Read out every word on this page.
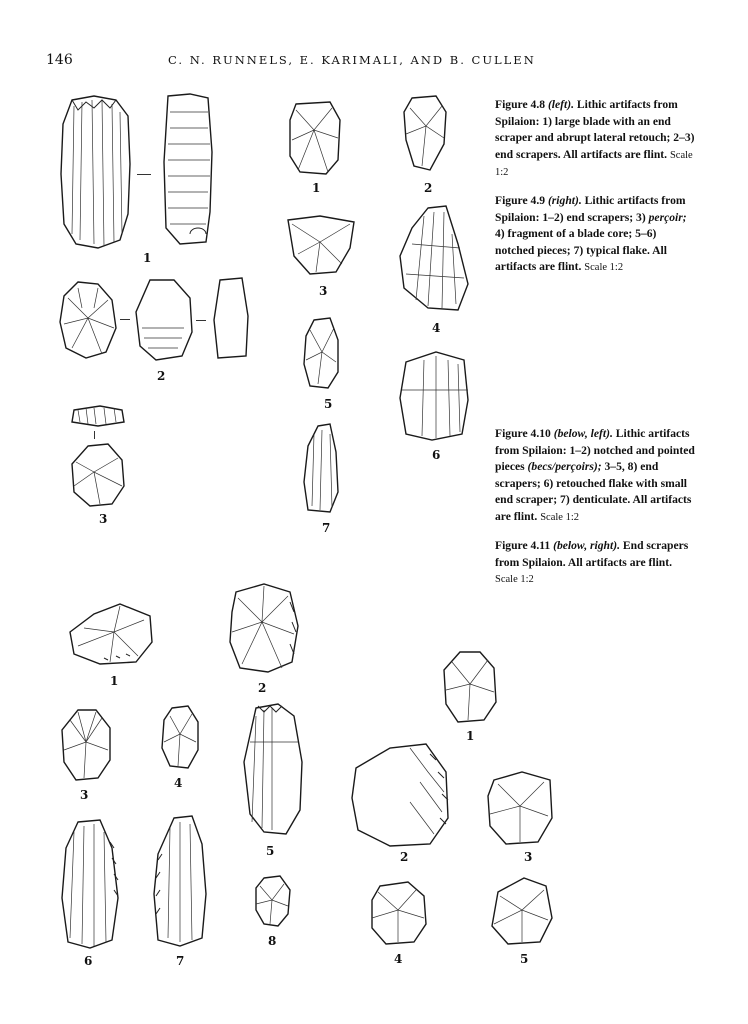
146	C. N. RUNNELS, E. KARIMALI, AND B. CULLEN
1
2
3
1	2
3
4
5
6
7
Figure 4.8 (left). Lithic artifacts from Spilaion: 1) large blade with an end scraper and abrupt lateral retouch; 2–3) end scrapers. All artifacts are flint. Scale 1:2
Figure 4.9 (right). Lithic artifacts from Spilaion: 1–2) end scrapers; 3) perçoir; 4) fragment of a blade core; 5–6) notched pieces; 7) typical flake. All artifacts are flint. Scale 1:2
Figure 4.10 (below, left). Lithic artifacts from Spilaion: 1–2) notched and pointed pieces (becs/perçoirs); 3–5, 8) end scrapers; 6) retouched flake with small end scraper; 7) denticulate. All artifacts are flint. Scale 1:2
Figure 4.11 (below, right). End scrapers from Spilaion. All artifacts are flint. Scale 1:2
1	2
3
4
5
6	7
8
1
2	3
4	5
